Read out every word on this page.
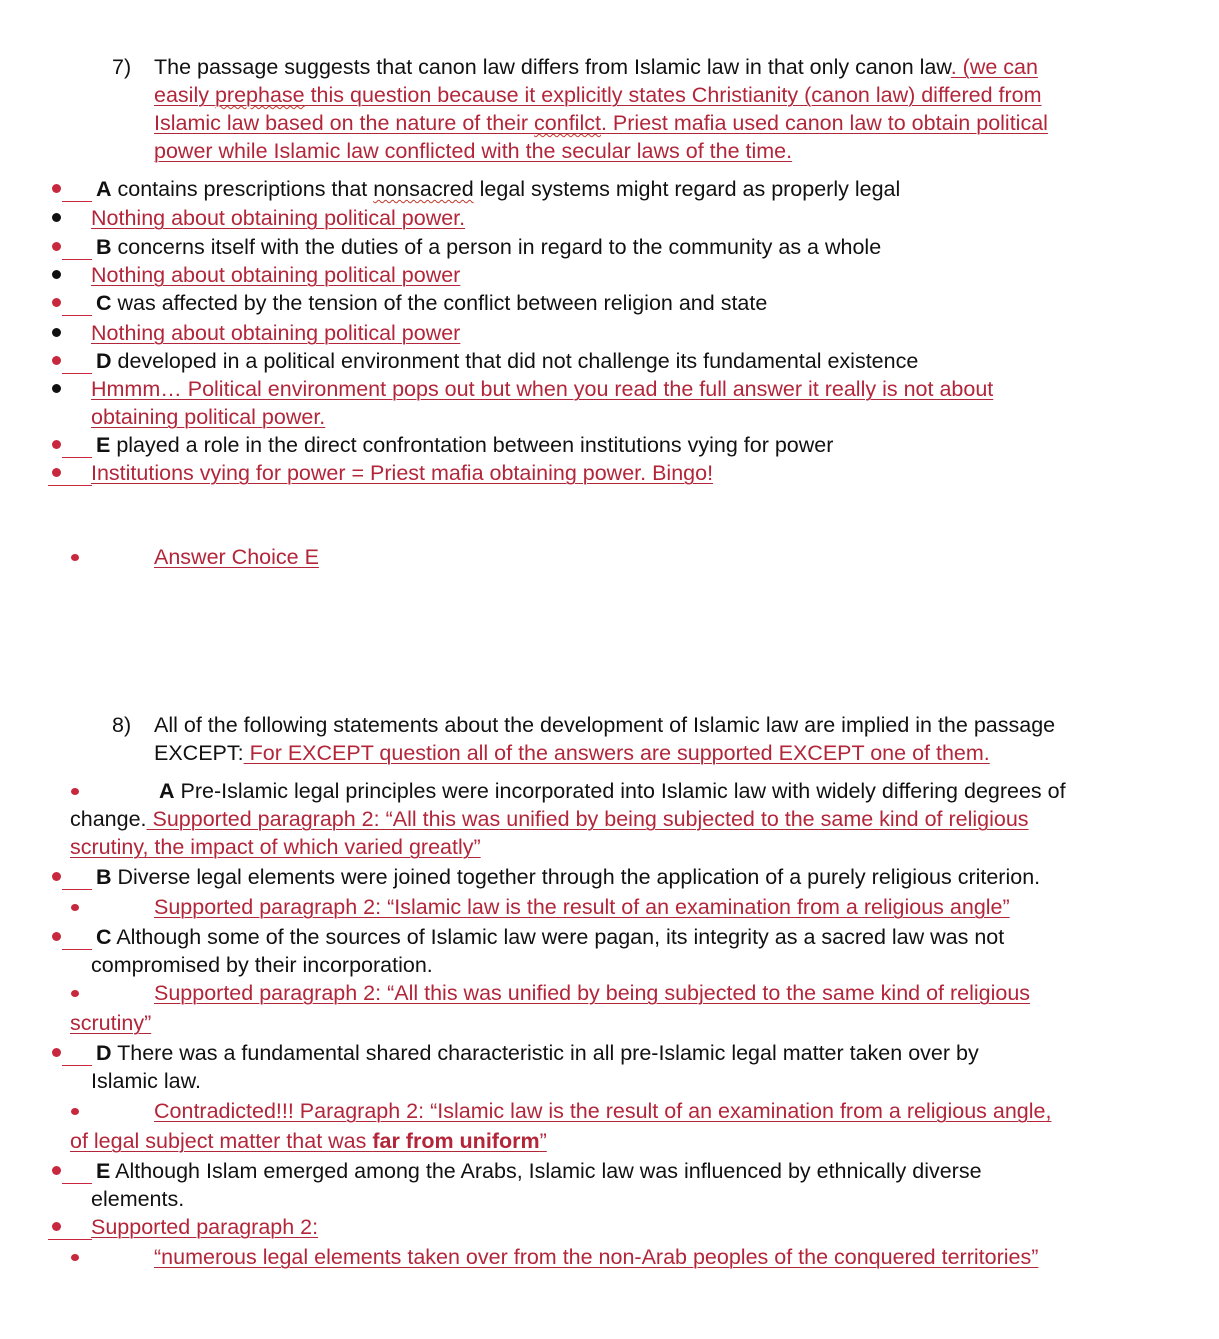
7) The passage suggests that canon law differs from Islamic law in that only canon law. (we can
easily prephase this question because it explicitly states Christianity (canon law) differed from
Islamic law based on the nature of their confilct. Priest mafia used canon law to obtain political
power while Islamic law conflicted with the secular laws of the time.
A contains prescriptions that nonsacred legal systems might regard as properly legal
Nothing about obtaining political power.
B concerns itself with the duties of a person in regard to the community as a whole
Nothing about obtaining political power
C was affected by the tension of the conflict between religion and state
Nothing about obtaining political power
D developed in a political environment that did not challenge its fundamental existence
Hmmm… Political environment pops out but when you read the full answer it really is not about
obtaining political power.
E played a role in the direct confrontation between institutions vying for power
Institutions vying for power = Priest mafia obtaining power. Bingo!
Answer Choice E
8) All of the following statements about the development of Islamic law are implied in the passage
EXCEPT: For EXCEPT question all of the answers are supported EXCEPT one of them.
A Pre-Islamic legal principles were incorporated into Islamic law with widely differing degrees of
change. Supported paragraph 2: “All this was unified by being subjected to the same kind of religious
scrutiny, the impact of which varied greatly”
B Diverse legal elements were joined together through the application of a purely religious criterion.
Supported paragraph 2: “Islamic law is the result of an examination from a religious angle”
C Although some of the sources of Islamic law were pagan, its integrity as a sacred law was not
compromised by their incorporation.
Supported paragraph 2: “All this was unified by being subjected to the same kind of religious
scrutiny”
D There was a fundamental shared characteristic in all pre-Islamic legal matter taken over by
Islamic law.
Contradicted!!! Paragraph 2: “Islamic law is the result of an examination from a religious angle,
of legal subject matter that was far from uniform”
E Although Islam emerged among the Arabs, Islamic law was influenced by ethnically diverse
elements.
Supported paragraph 2:
“numerous legal elements taken over from the non-Arab peoples of the conquered territories”
